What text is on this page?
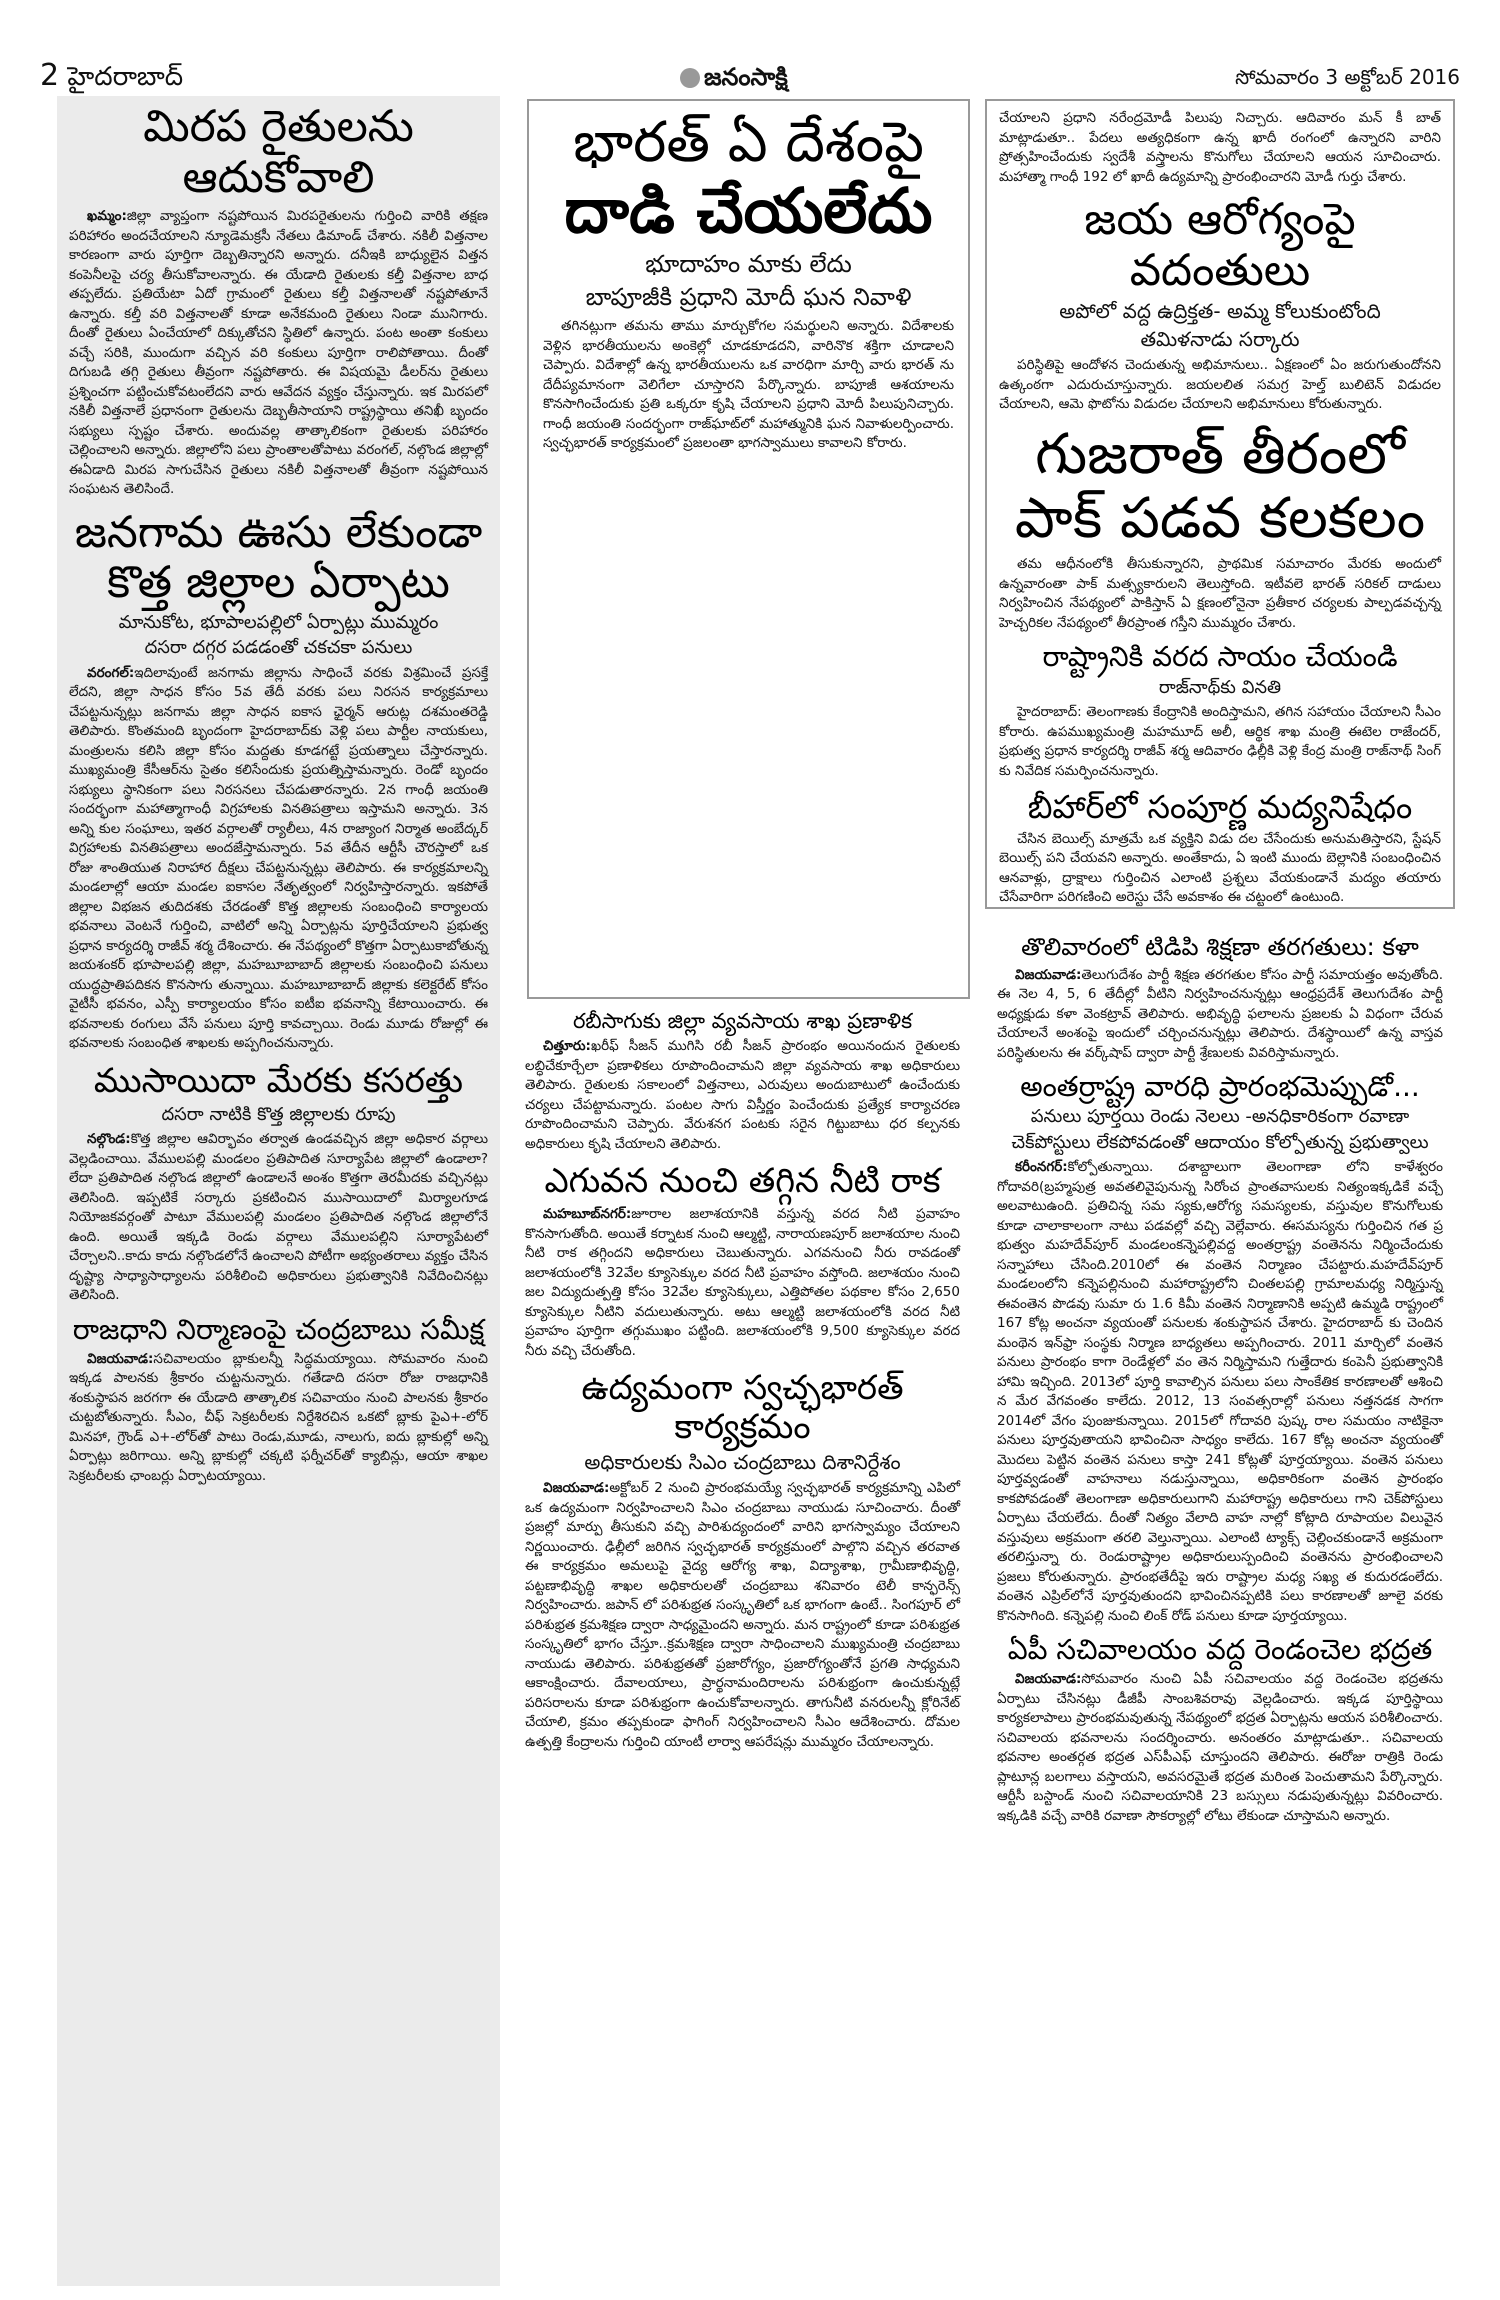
2 హైదరాబాద్	జనంసాక్షి	సోమవారం 3 అక్టోబర్ 2016
మిరప రైతులను ఆదుకోవాలి

ఖమ్మం:జిల్లా వ్యాప్తంగా నష్టపోయిన మిరపరైతులను గుర్తించి వారికి తక్షణ పరిహారం అందచేయాలని న్యూడెమక్రసీ నేతలు డిమాండ్ చేశారు. నకిలీ విత్తనాల కారణంగా వారు పూర్తిగా దెబ్బతిన్నారని అన్నారు. దనీఇకి బాధ్యులైన విత్తన కంపెనీలపై చర్య తీసుకోవాలన్నారు. ఈ యేడాది రైతులకు కల్తీ విత్తనాల బాధ తప్పలేదు. ప్రతియేటా ఏదో గ్రామంలో రైతులు కల్తీ విత్తనాలతో నష్టపోతూనే ఉన్నారు. కల్తీ వరి విత్తనాలతో కూడా అనేకమంది రైతులు నిండా మునిగారు. దీంతో రైతులు ఏంచేయాలో దిక్కుతోచని స్థితిలో ఉన్నారు. పంట అంతా కంకులు వచ్చే సరికి, ముందుగా వచ్చిన వరి కంకులు పూర్తిగా రాలిపోతాయి. దీంతో దిగుబడి తగ్గి రైతులు తీవ్రంగా నష్టపోతారు. ఈ విషయమై డీలర్‌ను రైతులు ప్రశ్నించగా పట్టించుకోవటంలేదని వారు ఆవేదన వ్యక్తం చేస్తున్నారు. ఇక మిరపలో నకిలీ విత్తనాలే ప్రధానంగా రైతులను దెబ్బతీసాయాని రాష్ట్రస్థాయి తనిఖీ బృందం సభ్యులు స్పష్టం చేశారు. అందువల్ల తాత్కాలికంగా రైతులకు పరిహారం చెల్లించాలని అన్నారు. జిల్లాలోని పలు ప్రాంతాలతోపాటు వరంగల్, నల్గొండ జిల్లాల్లో ఈఏడాది మిరప సాగుచేసిన రైతులు నకిలీ విత్తనాలతో తీవ్రంగా నష్టపోయిన సంఘటన తెలిసిందే.

జనగామ ఊసు లేకుండా
కొత్త జిల్లాల ఏర్పాటు
మానుకోట, భూపాలపల్లిలో ఏర్పాట్లు ముమ్మరం
దసరా దగ్గర పడడంతో చకచకా పనులు

వరంగల్:ఇదిలావుంటే జనగామ జిల్లాను సాధించే వరకు విశ్రమించే ప్రసక్తే లేదని, జిల్లా సాధన కోసం 5వ తేదీ వరకు పలు నిరసన కార్యక్రమాలు చేపట్టనున్నట్లు జనగామ జిల్లా సాధన ఐకాస ఛైర్మన్ ఆరుట్ల దశమంతరెడ్డి తెలిపారు. కొంతమంది బృందంగా హైదరాబాద్‌కు వెళ్లి పలు పార్టీల నాయకులు, మంత్రులను కలిసి జిల్లా కోసం మద్దతు కూడగట్టే ప్రయత్నాలు చేస్తారన్నారు. ముఖ్యమంత్రి కేసీఆర్‌ను సైతం కలిసేందుకు ప్రయత్నిస్తామన్నారు. రెండో బృందం సభ్యులు స్థానికంగా పలు నిరసనలు చేపడుతారన్నారు. 2న గాంధీ జయంతి సందర్భంగా మహాత్మాగాంధీ విగ్రహాలకు వినతిపత్రాలు ఇస్తామని అన్నారు. 3న అన్ని కుల సంఘాలు, ఇతర వర్గాలతో ర్యాలీలు, 4న రాజ్యాంగ నిర్మాత అంబేద్కర్ విగ్రహాలకు వినతిపత్రాలు అందజేస్తామన్నారు. 5వ తేదీన ఆర్టీసీ చౌరస్తాలో ఒక రోజు శాంతియుత నిరాహార దీక్షలు చేపట్టనున్నట్లు తెలిపారు. ఈ కార్యక్రమాలన్ని మండలాల్లో ఆయా మండల ఐకాసల నేతృత్వంలో నిర్వహిస్తారన్నారు. ఇకపోతే జిల్లాల విభజన తుదిదశకు చేరడంతో కొత్త జిల్లాలకు సంబంధించి కార్యాలయ భవనాలు వెంటనే గుర్తించి, వాటిలో అన్ని ఏర్పాట్లను పూర్తిచేయాలని ప్రభుత్వ ప్రధాన కార్యదర్శి రాజీవ్ శర్మ దేశించారు. ఈ నేపథ్యంలో కొత్తగా ఏర్పాటుకాబోతున్న జయశంకర్ భూపాలపల్లి జిల్లా, మహబూబాబాద్ జిల్లాలకు సంబంధించి పనులు యుద్ధప్రాతిపదికన కొనసాగు తున్నాయి. మహబూబాబాద్ జిల్లాకు కలెక్టరేట్ కోసం వైటీసీ భవనం, ఎస్పీ కార్యాలయం కోసం ఐటీఐ భవనాన్ని కేటాయించారు. ఈ భవనాలకు రంగులు వేసే పనులు పూర్తి కావచ్చాయి. రెండు మూడు రోజుల్లో ఈ భవనాలకు సంబంధిత శాఖలకు అప్పగించనున్నారు.

ముసాయిదా మేరకు కసరత్తు
దసరా నాటికి కొత్త జిల్లాలకు రూపు

నల్గొండ:కొత్త జిల్లాల ఆవిర్భావం తర్వాత ఉండవచ్చిన జిల్లా అధికార వర్గాలు వెల్లడించాయి. వేములపల్లి మండలం ప్రతిపాదిత సూర్యాపేట జిల్లాలో ఉండాలా? లేదా ప్రతిపాదిత నల్గొండ జిల్లాలో ఉండాలనే అంశం కొత్తగా తెరమీదకు వచ్చినట్లు తెలిసింది. ఇప్పటికే సర్కారు ప్రకటించిన ముసాయిదాలో మిర్యాలగూడ నియోజకవర్గంతో పాటూ వేములపల్లి మండలం ప్రతిపాదిత నల్గొండ జిల్లాలోనే ఉంది. అయితే ఇక్కడి రెండు వర్గాలు వేములపల్లిని సూర్యాపేటలో చేర్చాలని..కాదు కాదు నల్గొండలోనే ఉంచాలని పోటీగా అభ్యంతరాలు వ్యక్తం చేసిన దృష్ట్యా సాధ్యాసాధ్యాలను పరిశీలించి అధికారులు ప్రభుత్వానికి నివేదించినట్లు తెలిసింది.

రాజధాని నిర్మాణంపై చంద్రబాబు సమీక్ష

విజయవాడ:సచివాలయం బ్లాకులన్నీ సిద్ధమయ్యాయి. సోమవారం నుంచి ఇక్కడ పాలనకు శ్రీకారం చుట్టనున్నారు. గతేడాది దసరా రోజు రాజధానికి శంకుస్థాపన జరగగా ఈ యేడాది తాత్కాలిక సచివాయం నుంచి పాలనకు శ్రీకారం చుట్టబోతున్నారు. సీఎం, చీఫ్ సెక్రటరీలకు నిర్దేశిరచిన ఒకటో బ్లాకు పైఎ+-లోర్ మినహా, గ్రౌండ్ ఎ+-లోర్‌తో పాటు రెండు,మూడు, నాలుగు, ఐదు బ్లాకుల్లో అన్ని ఏర్పాట్లు జరిగాయి. అన్ని బ్లాకుల్లో చక్కటి ఫర్నీచర్‌తో క్యాబిన్లు, ఆయా శాఖల సెక్రటరీలకు ఛాంబర్లు ఏర్పాటయ్యాయి.

భారత్ ఏ దేశంపై
దాడి చేయలేదు
భూదాహం మాకు లేదు
బాపూజీకి ప్రధాని మోదీ ఘన నివాళి

తగినట్లుగా తమను తాము మార్చుకోగల సమర్థులని అన్నారు. విదేశాలకు వెళ్లిన భారతీయులను అంకెల్లో చూడకూడదని, వారినొక శక్తిగా చూడాలని చెప్పారు. విదేశాల్లో ఉన్న భారతీయులను ఒక వారధిగా మార్చి వారు భారత్ ను దేదీప్యమానంగా వెలిగేలా చూస్తారని పేర్కొన్నారు. బాపూజీ ఆశయాలను కొనసాగించేందుకు ప్రతి ఒక్కరూ కృషి చేయాలని ప్రధాని మోదీ పిలుపునిచ్చారు. గాంధీ జయంతి సందర్భంగా రాజ్‌ఘాట్‌లో మహాత్మునికి ఘన నివాళులర్పించారు. స్వచ్ఛభారత్ కార్యక్రమంలో ప్రజలంతా భాగస్వాములు కావాలని కోరారు.

రబీసాగుకు జిల్లా వ్యవసాయ శాఖ ప్రణాళిక

చిత్తూరు:ఖరీఫ్ సీజన్ ముగిసి రబీ సీజన్ ప్రారంభం అయినందున రైతులకు లబ్ధిచేకూర్చేలా ప్రణాళికలు రూపొందించామని జిల్లా వ్యవసాయ శాఖ అధికారులు తెలిపారు. రైతులకు సకాలంలో విత్తనాలు, ఎరువులు అందుబాటులో ఉంచేందుకు చర్యలు చేపట్టామన్నారు. పంటల సాగు విస్తీర్ణం పెంచేందుకు ప్రత్యేక కార్యాచరణ రూపొందించామని చెప్పారు. వేరుశనగ పంటకు సరైన గిట్టుబాటు ధర కల్పనకు అధికారులు కృషి చేయాలని తెలిపారు.

ఎగువన నుంచి తగ్గిన నీటి రాక

మహబూబ్‌నగర్:జూరాల జలాశయానికి వస్తున్న వరద నీటి ప్రవాహం కొనసాగుతోంది. అయితే కర్నాటక నుంచి ఆల్మట్టి, నారాయణపూర్ జలాశయాల నుంచి నీటి రాక తగ్గిందని అధికారులు చెబుతున్నారు. ఎగవనుంచి నీరు రావడంతో జలాశయంలోకి 32వేల క్యూసెక్కుల వరద నీటి ప్రవాహం వస్తోంది. జలాశయం నుంచి జల విద్యుదుత్పత్తి కోసం 32వేల క్యూసెక్కులు, ఎత్తిపోతల పథకాల కోసం 2,650 క్యూసెక్కుల నీటిని వదులుతున్నారు. అటు ఆల్మట్టి జలాశయంలోకి వరద నీటి ప్రవాహం పూర్తిగా తగ్గుముఖం పట్టింది. జలాశయంలోకి 9,500 క్యూసెక్కుల వరద నీరు వచ్చి చేరుతోంది.

ఉద్యమంగా స్వచ్ఛభారత్ కార్యక్రమం
అధికారులకు సిఎం చంద్రబాబు దిశానిర్దేశం

విజయవాడ:అక్టోబర్ 2 నుంచి ప్రారంభమయ్యే స్వచ్ఛభారత్ కార్యక్రమాన్ని ఎపిలో ఒక ఉద్యమంగా నిర్వహించాలని సిఎం చంద్రబాబు నాయుడు సూచించారు. దీంతో ప్రజల్లో మార్పు తీసుకుని వచ్చి పారిశుద్యందంలో వారిని భాగస్వామ్యం చేయాలని నిర్ణయించారు. ఢిల్లీలో జరిగిన స్వచ్ఛభారత్ కార్యక్రమంలో పాల్గొని వచ్చిన తరవాత ఈ కార్యక్రమం అమలుపై వైద్య ఆరోగ్య శాఖ, విద్యాశాఖ, గ్రామీణాభివృద్ధి, పట్టణాభివృద్ధి శాఖల అధికారులతో చంద్రబాబు శనివారం టెలీ కాన్ఫరెన్స్ నిర్వహించారు. జపాన్ లో పరిశుభ్రత సంస్కృతిలో ఒక భాగంగా ఉంటే.. సింగపూర్ లో పరిశుభ్రత క్రమశిక్షణ ద్వారా సాధ్యమైందని అన్నారు. మన రాష్ట్రంలో కూడా పరిశుభ్రత సంస్కృతిలో భాగం చేస్తూ..క్రమశిక్షణ ద్వారా సాధించాలని ముఖ్యమంత్రి చంద్రబాబు నాయుడు తెలిపారు. పరిశుభ్రతతో ప్రజారోగ్యం, ప్రజారోగ్యంతోనే ప్రగతి సాధ్యమని ఆకాంక్షించారు. దేవాలయాలు, ప్రార్థనామందిరాలను పరిశుభ్రంగా ఉంచుకున్నట్లే పరిసరాలను కూడా పరిశుభ్రంగా ఉంచుకోవాలన్నారు. తాగునీటి వనరులన్నీ క్లోరినేట్ చేయాలి, క్రమం తప్పకుండా ఫాగింగ్ నిర్వహించాలని సీఎం ఆదేశించారు. దోమల ఉత్పత్తి కేంద్రాలను గుర్తించి యాంటీ లార్వా ఆపరేషన్లు ముమ్మరం చేయాలన్నారు.

చేయాలని ప్రధాని నరేంద్రమోడీ పిలుపు నిచ్చారు. ఆదివారం మన్ కీ బాత్ మాట్లాడుతూ.. పేదలు అత్యధికంగా ఉన్న ఖాదీ రంగంలో ఉన్నారని వారిని ప్రోత్సహించేందుకు స్వదేశీ వస్త్రాలను కొనుగోలు చేయాలని ఆయన సూచించారు. మహాత్మా గాంధీ 192 లో ఖాదీ ఉద్యమాన్ని ప్రారంభించారని మోడీ గుర్తు చేశారు.

జయ ఆరోగ్యంపై వదంతులు
అపోలో వద్ద ఉద్రిక్తత- అమ్మ కోలుకుంటోంది
తమిళనాడు సర్కారు

పరిస్థితిపై ఆందోళన చెందుతున్న అభిమానులు.. ఏక్షణంలో ఏం జరుగుతుందోనని ఉత్కంఠగా ఎదురుచూస్తున్నారు. జయలలిత సమగ్ర హెల్త్ బులిటెన్ విడుదల చేయాలని, ఆమె ఫొటోను విడుదల చేయాలని అభిమానులు కోరుతున్నారు.

గుజరాత్ తీరంలో
పాక్ పడవ కలకలం

తమ ఆధీనంలోకి తీసుకున్నారని, ప్రాథమిక సమాచారం మేరకు అందులో ఉన్నవారంతా పాక్ మత్స్యకారులని తెలుస్తోంది. ఇటీవలె భారత్ సరికల్ దాడులు నిర్వహించిన నేపథ్యంలో పాకిస్తాన్ ఏ క్షణంలోనైనా ప్రతీకార చర్యలకు పాల్పడవచ్చన్న హెచ్చరికల నేపథ్యంలో తీరప్రాంత గస్తీని ముమ్మరం చేశారు.

రాష్ట్రానికి వరద సాయం చేయండి
రాజ్‌నాథ్‌కు వినతి

హైదరాబాద్: తెలంగాణకు కేంద్రానికి అందిస్తామని, తగిన సహాయం చేయాలని సీఎం కోరారు. ఉపముఖ్యమంత్రి మహమూద్ అలీ, ఆర్థిక శాఖ మంత్రి ఈటెల రాజేందర్, ప్రభుత్వ ప్రధాన కార్యదర్శి రాజీవ్ శర్మ ఆదివారం ఢిల్లీకి వెళ్లి కేంద్ర మంత్రి రాజ్‌నాథ్ సింగ్ కు నివేదిక సమర్పించనున్నారు.

బీహార్‌లో సంపూర్ణ మద్యనిషేధం

చేసిన బెయిల్స్ మాత్రమే ఒక వ్యక్తిని విడు దల చేసేందుకు అనుమతిస్తారని, స్టేషన్ బెయిల్స్ పని చేయవని అన్నారు. అంతేకాదు, ఏ ఇంటి ముందు బెల్లానికి సంబంధించిన ఆనవాళ్లు, ద్రాక్షాలు గుర్తించిన ఎలాంటి ప్రశ్నలు వేయకుండానే మద్యం తయారు చేసేవారిగా పరిగణించి అరెస్టు చేసే అవకాశం ఈ చట్టంలో ఉంటుంది.

తొలివారంలో టిడిపి శిక్షణా తరగతులు: కళా

విజయవాడ:తెలుగుదేశం పార్టీ శిక్షణ తరగతుల కోసం పార్టీ సమాయత్తం అవుతోంది. ఈ నెల 4, 5, 6 తేదీల్లో వీటిని నిర్వహించనున్నట్లు ఆంధ్రప్రదేశ్ తెలుగుదేశం పార్టీ అధ్యక్షుడు కళా వెంకట్రావ్ తెలిపారు. అభివృద్ధి ఫలాలను ప్రజలకు ఏ విధంగా చేరువ చేయాలనే అంశంపై ఇందులో చర్చించనున్నట్లు తెలిపారు. దేశస్థాయిలో ఉన్న వాస్తవ పరిస్థితులను ఈ వర్క్‌షాప్ ద్వారా పార్టీ శ్రేణులకు వివరిస్తామన్నారు.

అంతర్రాష్ట్ర వారధి ప్రారంభమెప్పుడో...
పనులు పూర్తయి రెండు నెలలు -అనధికారికంగా రవాణా
చెక్‌పోస్టులు లేకపోవడంతో ఆదాయం కోల్పోతున్న ప్రభుత్వాలు

కరీంనగర్:కోల్పోతున్నాయి. దశాబ్దాలుగా తెలంగాణా లోని కాళేశ్వరం గోదావరి(బ్రహ్మపుత్ర అవతలివైపునున్న సిరోంచ ప్రాంతవాసులకు నిత్యంఇక్కడికే వచ్చే అలవాటుఉంది. ప్రతిచిన్న సమ స్యకు,ఆరోగ్య సమస్యలకు, వస్తువుల కొనుగోలుకు కూడా చాలాకాలంగా నాటు పడవల్లో వచ్చి వెల్లేవారు. ఈసమస్యను గుర్తించిన గత ప్ర భుత్వం మహదేవ్‌పూర్ మండలంకన్నెపల్లివద్ద అంతర్రాష్ట్ర వంతెనను నిర్మించేందుకు సన్నాహాలు చేసింది.2010లో ఈ వంతెన నిర్మాణం చేపట్టారు.మహదేవ్‌పూర్ మండలంలోని కన్నెపల్లినుంచి మహారాష్ట్రలోని చింతలపల్లి గ్రామాలమధ్య నిర్మిస్తున్న ఈవంతెన పొడవు సుమా రు 1.6 కిమీ వంతెన నిర్మాణానికి అప్పటి ఉమ్మడి రాష్ట్రంలో 167 కోట్ల అంచనా వ్యయంతో పనులకు శంకుస్థాపన చేశారు. హైదరాబాద్ కు చెందిన మంథెన ఇన్‌ఫ్రా సంస్థకు నిర్మాణ బాధ్యతలు అప్పగించారు. 2011 మార్చిలో వంతెన పనులు ప్రారంభం కాగా రెండేళ్లలో వం తెన నిర్మిస్తామని గుత్తేదారు కంపెనీ ప్రభుత్వానికి హామి ఇచ్చింది. 2013లో పూర్తి కావాల్సిన పనులు పలు సాంకేతిక కారణాలతో ఆశించి న మేర వేగవంతం కాలేదు. 2012, 13 సంవత్సరాల్లో పనులు నత్తనడక సాగగా 2014లో వేగం పుంజుకున్నాయి. 2015లో గోదావరి పుష్క రాల సమయం నాటికైనా పనులు పూర్తవుతాయని భావించినా సాధ్యం కాలేదు. 167 కోట్ల అంచనా వ్యయంతో మొదలు పెట్టిన వంతెన పనులు కాస్తా 241 కోట్లతో పూర్తయ్యాయి. వంతెన పనులు పూర్తవ్వడంతో వాహనాలు నడుస్తున్నాయి, అధికారికంగా వంతెన ప్రారంభం కాకపోవడంతో తెలంగాణా అధికారులుగాని మహారాష్ట్ర అధికారులు గాని చెక్‌పోస్టులు ఏర్పాటు చేయలేదు. దీంతో నిత్యం వేలాది వాహ నాల్లో కోట్లాది రూపాయల విలువైన వస్తువులు అక్రమంగా తరలి వెల్తున్నాయి. ఎలాంటి ట్యాక్స్ చెల్లించకుండానే అక్రమంగా తరలిస్తున్నా రు. రెండురాష్ట్రాల అధికారులుస్పందించి వంతెనను ప్రారంభించాలని ప్రజలు కోరుతున్నారు. ప్రారంభతేదీపై ఇరు రాష్ట్రాల మధ్య సఖ్య త కుదురడంలేదు. వంతెన ఎప్రిల్‌లోనే పూర్తవుతుందని భావించినప్పటికి పలు కారణాలతో జూలై వరకు కొనసాగింది. కన్నెపల్లి నుంచి లింక్ రోడ్ పనులు కూడా పూర్తయ్యాయి.

ఏపీ సచివాలయం వద్ద రెండంచెల భద్రత

విజయవాడ:సోమవారం నుంచి ఏపీ సచివాలయం వద్ద రెండంచెల భద్రతను ఏర్పాటు చేసినట్లు డీజీపీ సాంబశివరావు వెల్లడించారు. ఇక్కడ పూర్తిస్థాయి కార్యకలాపాలు ప్రారంభమవుతున్న నేపథ్యంలో భద్రత ఏర్పాట్లను ఆయన పరిశీలించారు. సచివాలయ భవనాలను సందర్శించారు. అనంతరం మాట్లాడుతూ.. సచివాలయ భవనాల అంతర్గత భద్రత ఎస్‌పీఎఫ్ చూస్తుందని తెలిపారు. ఈరోజు రాత్రికి రెండు ప్లాటూన్ల బలగాలు వస్తాయని, అవసరమైతే భద్రత మరింత పెంచుతామని పేర్కొన్నారు. ఆర్టీసీ బస్టాండ్ నుంచి సచివాలయానికి 23 బస్సులు నడుపుతున్నట్లు వివరించారు. ఇక్కడికి వచ్చే వారికి రవాణా సౌకర్యాల్లో లోటు లేకుండా చూస్తామని అన్నారు.
